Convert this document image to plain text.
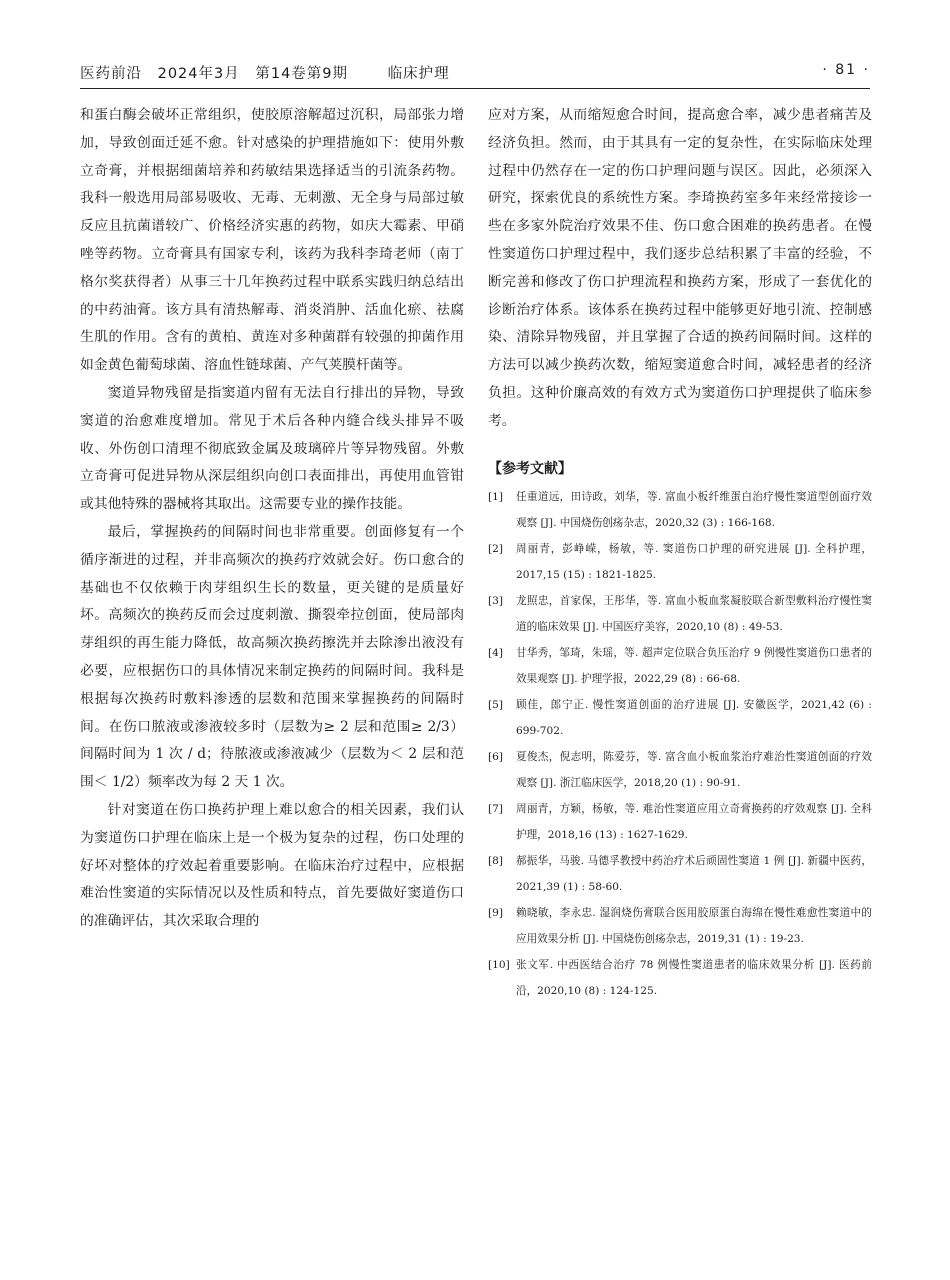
医药前沿 2024年3月 第14卷第9期	临床护理	· 81 ·

和蛋白酶会破坏正常组织，使胶原溶解超过沉积，局部张力增加，导致创面迁延不愈。针对感染的护理措施如下：使用外敷立奇膏，并根据细菌培养和药敏结果选择适当的引流条药物。我科一般选用局部易吸收、无毒、无刺激、无全身与局部过敏反应且抗菌谱较广、价格经济实惠的药物，如庆大霉素、甲硝唑等药物。立奇膏具有国家专利，该药为我科李琦老师（南丁格尔奖获得者）从事三十几年换药过程中联系实践归纳总结出的中药油膏。该方具有清热解毒、消炎消肿、活血化瘀、祛腐生肌的作用。含有的黄柏、黄连对多种菌群有较强的抑菌作用如金黄色葡萄球菌、溶血性链球菌、产气荚膜杆菌等。

窦道异物残留是指窦道内留有无法自行排出的异物，导致窦道的治愈难度增加。常见于术后各种内缝合线头排异不吸收、外伤创口清理不彻底致金属及玻璃碎片等异物残留。外敷立奇膏可促进异物从深层组织向创口表面排出，再使用血管钳或其他特殊的器械将其取出。这需要专业的操作技能。

最后，掌握换药的间隔时间也非常重要。创面修复有一个循序渐进的过程，并非高频次的换药疗效就会好。伤口愈合的基础也不仅依赖于肉芽组织生长的数量，更关键的是质量好坏。高频次的换药反而会过度刺激、撕裂牵拉创面，使局部肉芽组织的再生能力降低，故高频次换药擦洗并去除渗出液没有必要，应根据伤口的具体情况来制定换药的间隔时间。我科是根据每次换药时敷料渗透的层数和范围来掌握换药的间隔时间。在伤口脓液或渗液较多时（层数为≥ 2 层和范围≥ 2/3）间隔时间为 1 次 / d；待脓液或渗液减少（层数为＜ 2 层和范围＜ 1/2）频率改为每 2 天 1 次。

针对窦道在伤口换药护理上难以愈合的相关因素，我们认为窦道伤口护理在临床上是一个极为复杂的过程，伤口处理的好坏对整体的疗效起着重要影响。在临床治疗过程中，应根据难治性窦道的实际情况以及性质和特点，首先要做好窦道伤口的准确评估，其次采取合理的

应对方案，从而缩短愈合时间，提高愈合率，减少患者痛苦及经济负担。然而，由于其具有一定的复杂性，在实际临床处理过程中仍然存在一定的伤口护理问题与误区。因此，必须深入研究，探索优良的系统性方案。李琦换药室多年来经常接诊一些在多家外院治疗效果不佳、伤口愈合困难的换药患者。在慢性窦道伤口护理过程中，我们逐步总结积累了丰富的经验，不断完善和修改了伤口护理流程和换药方案，形成了一套优化的诊断治疗体系。该体系在换药过程中能够更好地引流、控制感染、清除异物残留，并且掌握了合适的换药间隔时间。这样的方法可以减少换药次数，缩短窦道愈合时间，减轻患者的经济负担。这种价廉高效的有效方式为窦道伤口护理提供了临床参考。

【参考文献】
[1] 任重道远，田诗政，刘华，等. 富血小板纤维蛋白治疗慢性窦道型创面疗效观察 [J]. 中国烧伤创疡杂志，2020,32 (3) : 166-168.
[2] 周丽青，彭峥嵘，杨敏，等. 窦道伤口护理的研究进展 [J]. 全科护理，2017,15 (15) : 1821-1825.
[3] 龙照忠，首家保，王彤华，等. 富血小板血浆凝胶联合新型敷料治疗慢性窦道的临床效果 [J]. 中国医疗美容，2020,10 (8) : 49-53.
[4] 甘华秀，邹琦，朱瑶，等. 超声定位联合负压治疗 9 例慢性窦道伤口患者的效果观察 [J]. 护理学报，2022,29 (8) : 66-68.
[5] 顾佳，郎宁正. 慢性窦道创面的治疗进展 [J]. 安徽医学，2021,42 (6) : 699-702.
[6] 夏俊杰，倪志明，陈爱芬，等. 富含血小板血浆治疗难治性窦道创面的疗效观察 [J]. 浙江临床医学，2018,20 (1) : 90-91.
[7] 周丽青，方颖，杨敏，等. 难治性窦道应用立奇膏换药的疗效观察 [J]. 全科护理，2018,16 (13) : 1627-1629.
[8] 郝振华，马骏. 马德孚教授中药治疗术后顽固性窦道 1 例 [J]. 新疆中医药，2021,39 (1) : 58-60.
[9] 赖晓敏，李永忠. 湿润烧伤膏联合医用胶原蛋白海绵在慢性难愈性窦道中的应用效果分析 [J]. 中国烧伤创疡杂志，2019,31 (1) : 19-23.
[10] 张文军. 中西医结合治疗 78 例慢性窦道患者的临床效果分析 [J]. 医药前沿，2020,10 (8) : 124-125.
